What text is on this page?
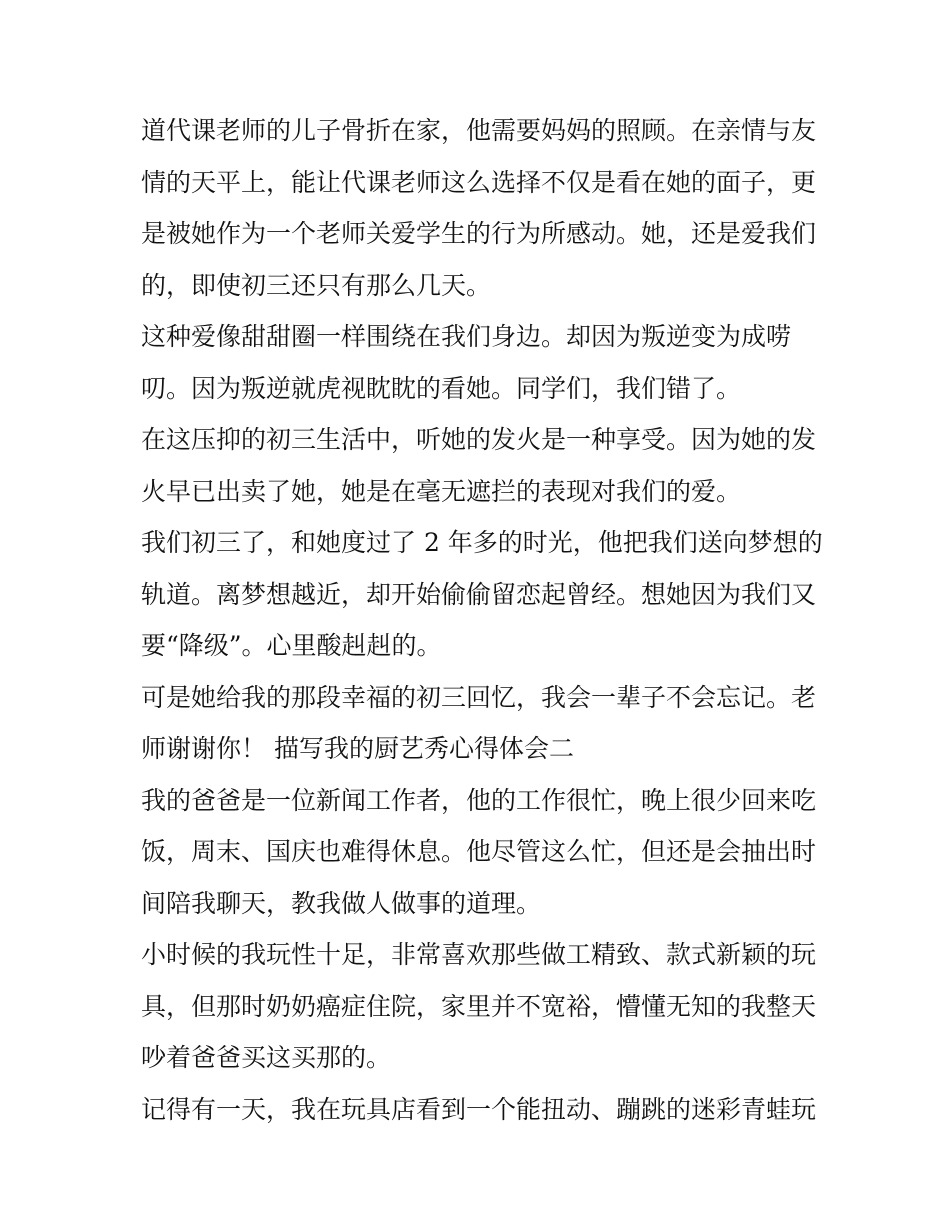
道代课老师的儿子骨折在家，他需要妈妈的照顾。在亲情与友
情的天平上，能让代课老师这么选择不仅是看在她的面子，更
是被她作为一个老师关爱学生的行为所感动。她，还是爱我们
的，即使初三还只有那么几天。
这种爱像甜甜圈一样围绕在我们身边。却因为叛逆变为成唠
叨。因为叛逆就虎视眈眈的看她。同学们，我们错了。
在这压抑的初三生活中，听她的发火是一种享受。因为她的发
火早已出卖了她，她是在毫无遮拦的表现对我们的爱。
我们初三了，和她度过了 2 年多的时光，他把我们送向梦想的
轨道。离梦想越近，却开始偷偷留恋起曾经。想她因为我们又
要“降级”。心里酸赳赳的。
可是她给我的那段幸福的初三回忆，我会一辈子不会忘记。老
师谢谢你！ 描写我的厨艺秀心得体会二
我的爸爸是一位新闻工作者，他的工作很忙，晚上很少回来吃
饭，周末、国庆也难得休息。他尽管这么忙，但还是会抽出时
间陪我聊天，教我做人做事的道理。
小时候的我玩性十足，非常喜欢那些做工精致、款式新颖的玩
具，但那时奶奶癌症住院，家里并不宽裕，懵懂无知的我整天
吵着爸爸买这买那的。
记得有一天，我在玩具店看到一个能扭动、蹦跳的迷彩青蛙玩
